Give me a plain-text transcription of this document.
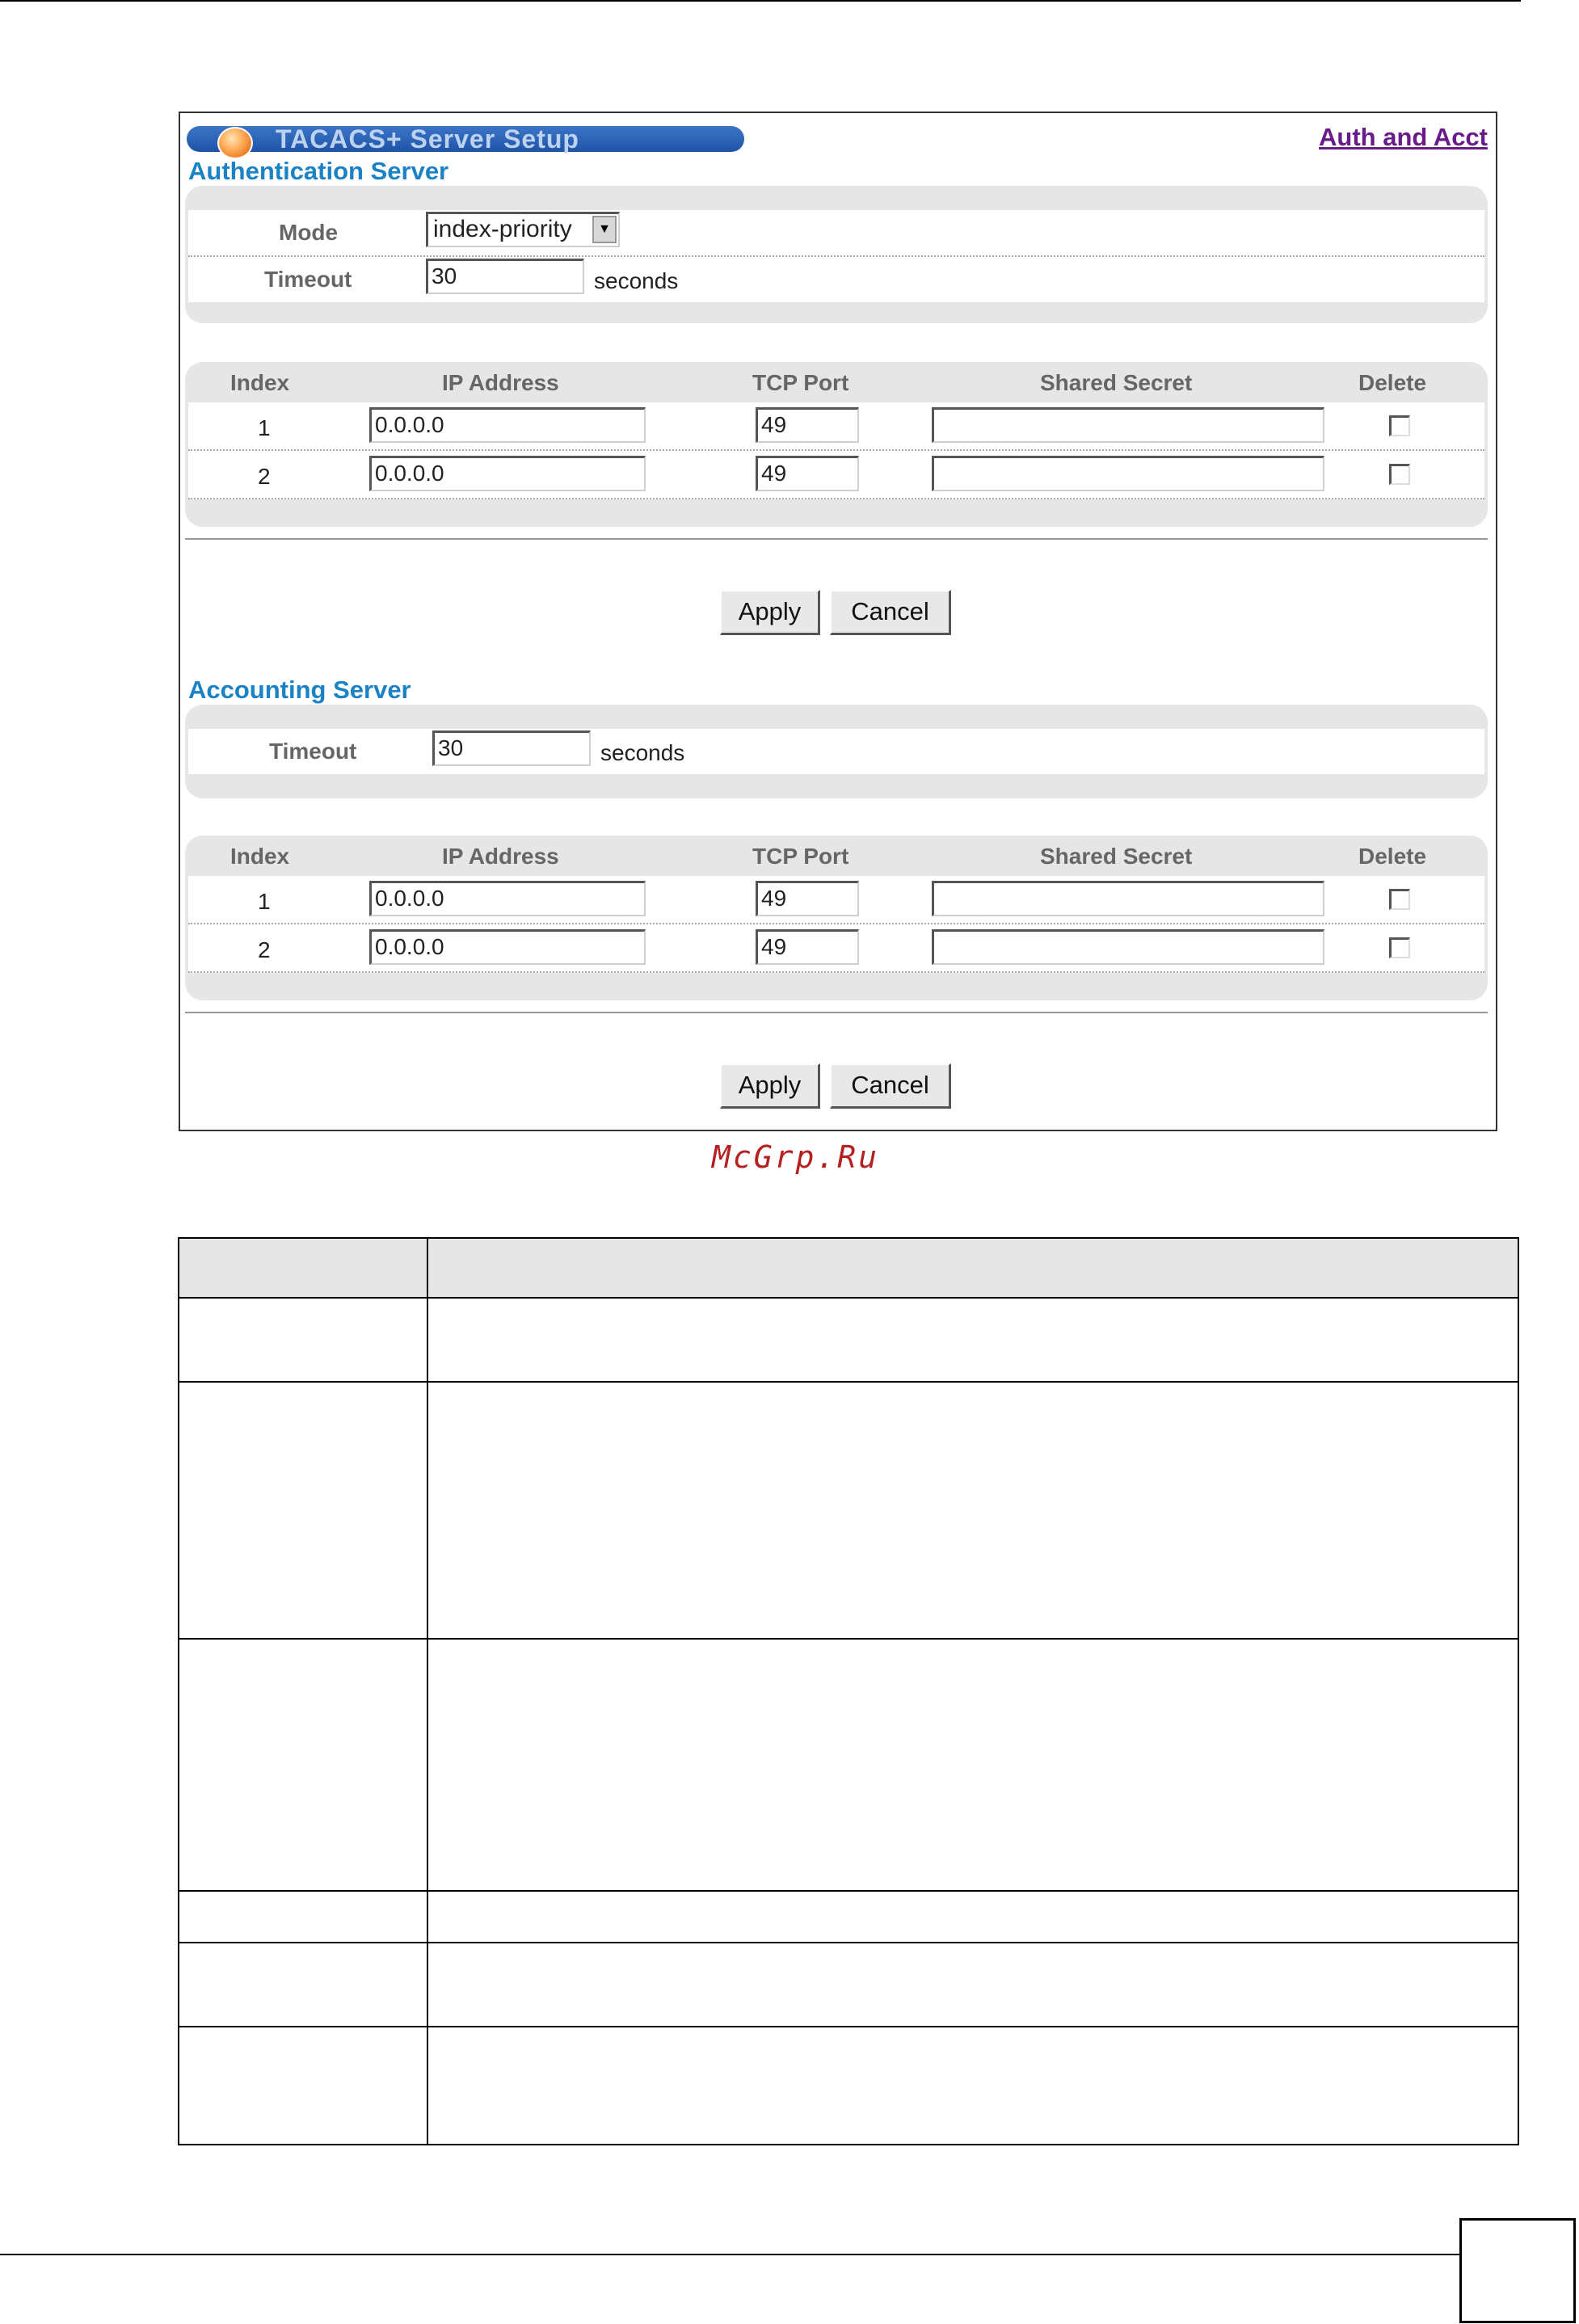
TACACS+ Server Setup	Auth and Acct
Authentication Server
Mode	index-priority	▼
Timeout	30	seconds
Index	IP Address	TCP Port	Shared Secret	Delete
1	0.0.0.0	49
2	0.0.0.0	49
Apply	Cancel
Accounting Server
Timeout	30	seconds
Index	IP Address	TCP Port	Shared Secret	Delete
1	0.0.0.0	49
2	0.0.0.0	49
Apply	Cancel
McGrp.Ru
